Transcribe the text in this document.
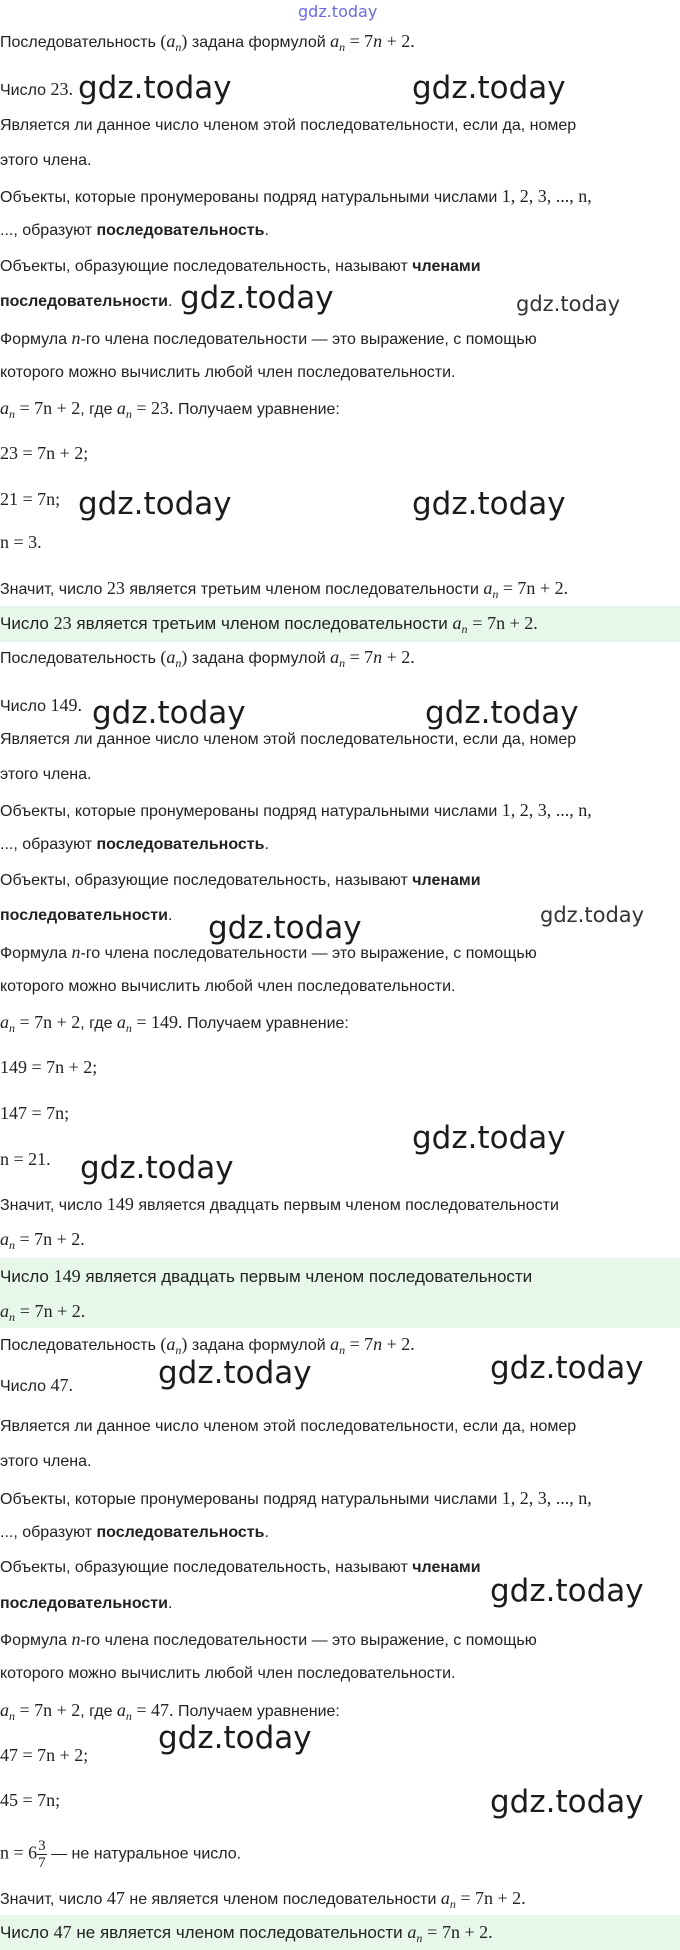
gdz.today
Последовательность $(a_n)$ задана формулой $a_n = 7n + 2$.
Число 23.
Является ли данное число членом этой последовательности, если да, номер
этого члена.
Объекты, которые пронумерованы подряд натуральными числами 1, 2, 3, ..., n,
..., образуют последовательность.
Объекты, образующие последовательность, называют членами
последовательности.
Формула n-го члена последовательности — это выражение, с помощью
которого можно вычислить любой член последовательности.
$a_n = 7n + 2$, где $a_n = 23$. Получаем уравнение:
23 = 7n + 2;
21 = 7n;
n = 3.
Значит, число 23 является третьим членом последовательности $a_n = 7n + 2$.
Число 23 является третьим членом последовательности $a_n = 7n + 2$.
Последовательность $(a_n)$ задана формулой $a_n = 7n + 2$.
Число 149.
Является ли данное число членом этой последовательности, если да, номер
этого члена.
Объекты, которые пронумерованы подряд натуральными числами 1, 2, 3, ..., n,
..., образуют последовательность.
Объекты, образующие последовательность, называют членами
последовательности.
Формула n-го члена последовательности — это выражение, с помощью
которого можно вычислить любой член последовательности.
$a_n = 7n + 2$, где $a_n = 149$. Получаем уравнение:
149 = 7n + 2;
147 = 7n;
n = 21.
Значит, число 149 является двадцать первым членом последовательности
$a_n = 7n + 2$.
Число 149 является двадцать первым членом последовательности
$a_n = 7n + 2$.
Последовательность $(a_n)$ задана формулой $a_n = 7n + 2$.
Число 47.
Является ли данное число членом этой последовательности, если да, номер
этого члена.
Объекты, которые пронумерованы подряд натуральными числами 1, 2, 3, ..., n,
..., образуют последовательность.
Объекты, образующие последовательность, называют членами
последовательности.
Формула n-го члена последовательности — это выражение, с помощью
которого можно вычислить любой член последовательности.
$a_n = 7n + 2$, где $a_n = 47$. Получаем уравнение:
47 = 7n + 2;
45 = 7n;
$n = 6 \frac{3}{7}$ — не натуральное число.
Значит, число 47 не является членом последовательности $a_n = 7n + 2$.
Число 47 не является членом последовательности $a_n = 7n + 2$.
gdz.today	gdz.today
gdz.today	gdz.today
gdz.today	gdz.today
gdz.today	gdz.today
gdz.today	gdz.today
gdz.today
gdz.today
gdz.today	gdz.today
gdz.today
gdz.today
gdz.today
